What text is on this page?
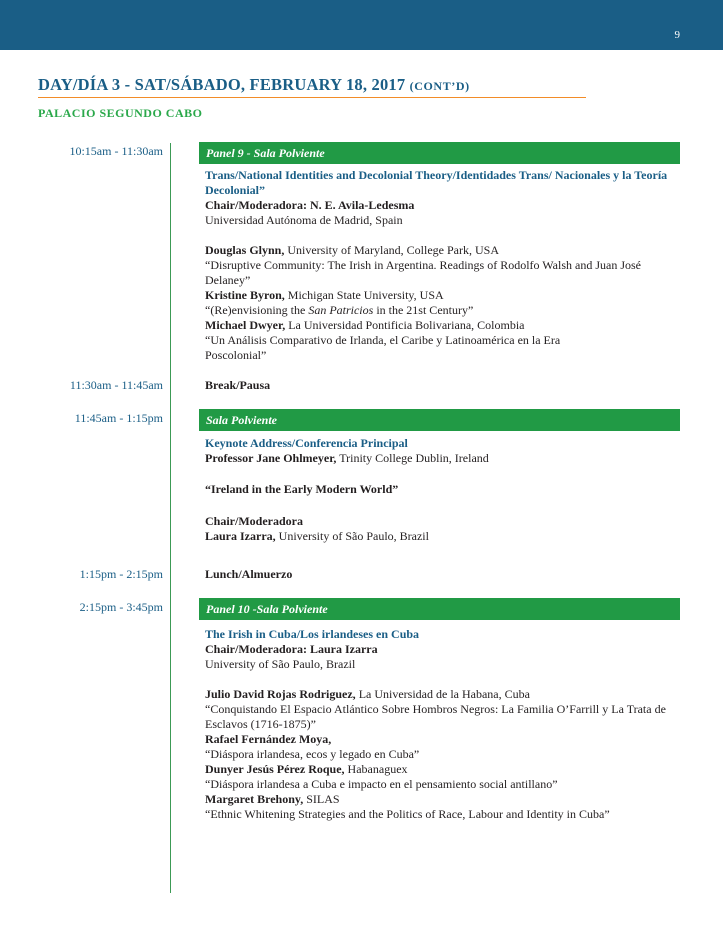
9
DAY/DÍA 3 - SAT/SÁBADO, FEBRUARY 18, 2017 (CONT’D)
PALACIO SEGUNDO CABO
10:15am - 11:30am	Panel 9 - Sala Polviente

Trans/National Identities and Decolonial Theory/Identidades Trans/ Nacionales y la Teoría Decolonial”

Chair/Moderadora: N. E. Avila-Ledesma

Universidad Autónoma de Madrid, Spain

Douglas Glynn, University of Maryland, College Park, USA

“Disruptive Community: The Irish in Argentina. Readings of Rodolfo Walsh and Juan José Delaney”

Kristine Byron, Michigan State University, USA

“(Re)envisioning the San Patricios in the 21st Century”

Michael Dwyer, La Universidad Pontificia Bolivariana, Colombia

“Un Análisis Comparativo de Irlanda, el Caribe y Latinoamérica en la Era Poscolonial”

11:30am - 11:45am	Break/Pausa
11:45am - 1:15pm	Sala Polviente

Keynote Address/Conferencia Principal

Professor Jane Ohlmeyer, Trinity College Dublin, Ireland

“Ireland in the Early Modern World”

Chair/Moderadora

Laura Izarra, University of São Paulo, Brazil

1:15pm - 2:15pm	Lunch/Almuerzo
2:15pm - 3:45pm	Panel 10 -Sala Polviente

The Irish in Cuba/Los irlandeses en Cuba

Chair/Moderadora: Laura Izarra

University of São Paulo, Brazil

Julio David Rojas Rodriguez, La Universidad de la Habana, Cuba

“Conquistando El Espacio Atlántico Sobre Hombros Negros: La Familia O’Farrill y La Trata de Esclavos (1716-1875)”

Rafael Fernández Moya,

“Diáspora irlandesa, ecos y legado en Cuba”

Dunyer Jesús Pérez Roque, Habanaguex

“Diáspora irlandesa a Cuba e impacto en el pensamiento social antillano”

Margaret Brehony, SILAS

“Ethnic Whitening Strategies and the Politics of Race, Labour and Identity in Cuba”
